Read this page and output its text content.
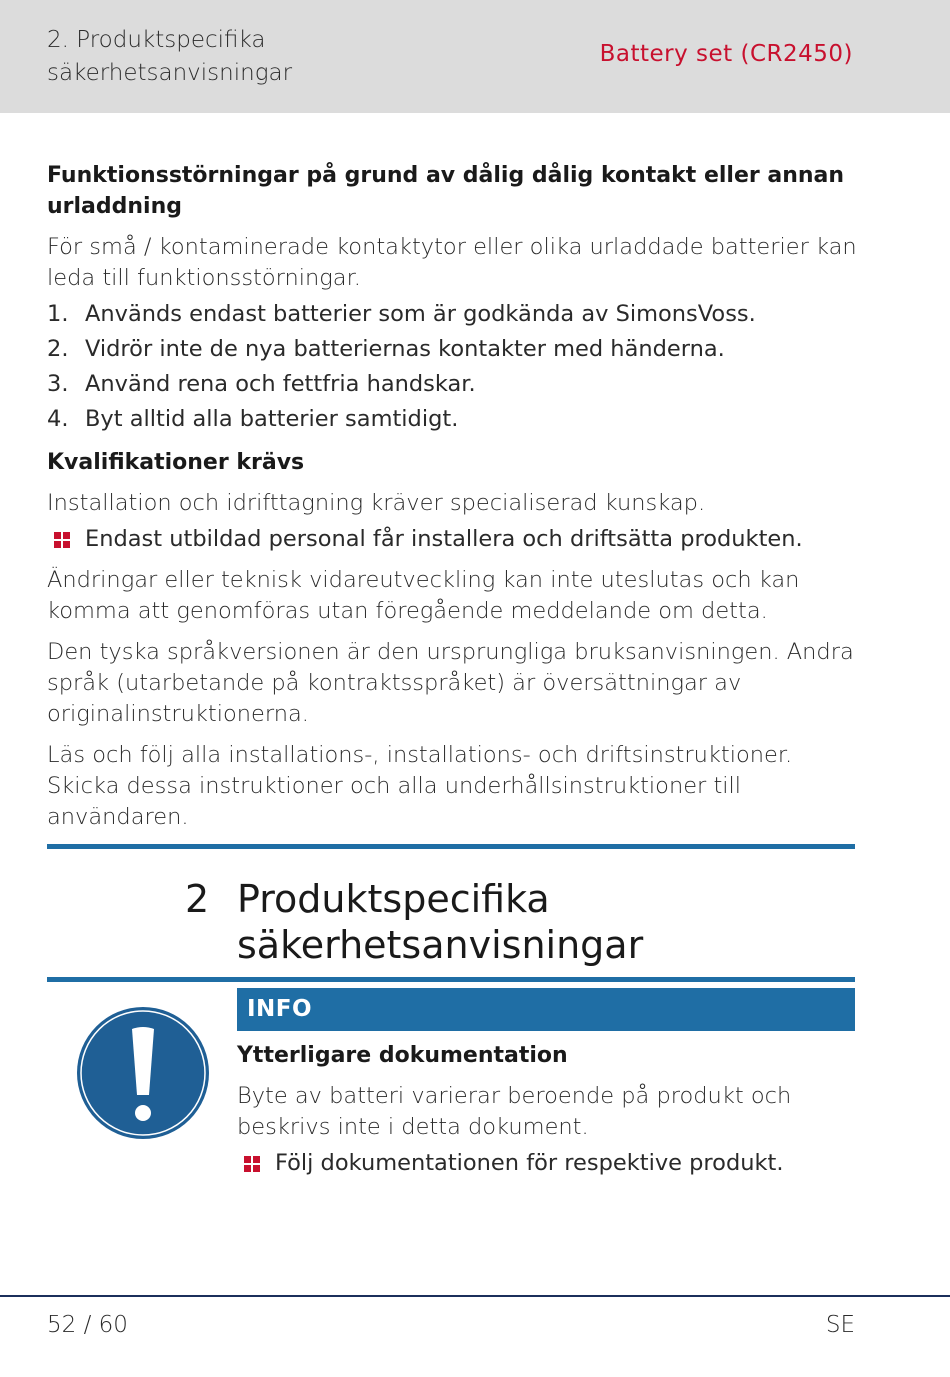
2. Produktspecifika
säkerhetsanvisningar
Battery set (CR2450)
Funktionsstörningar på grund av dålig dålig kontakt eller annan urladdning

För små / kontaminerade kontaktytor eller olika urladdade batterier kan leda till funktionsstörningar.

1. Används endast batterier som är godkända av SimonsVoss.
2. Vidrör inte de nya batteriernas kontakter med händerna.
3. Använd rena och fettfria handskar.
4. Byt alltid alla batterier samtidigt.
Kvalifikationer krävs

Installation och idrifttagning kräver specialiserad kunskap.

Endast utbildad personal får installera och driftsätta produkten.

Ändringar eller teknisk vidareutveckling kan inte uteslutas och kan komma att genomföras utan föregående meddelande om detta.

Den tyska språkversionen är den ursprungliga bruksanvisningen. Andra språk (utarbetande på kontraktsspråket) är översättningar av originalinstruktionerna.

Läs och följ alla installations-, installations- och driftsinstruktioner. Skicka dessa instruktioner och alla underhållsinstruktioner till användaren.

2 Produktspecifika
säkerhetsanvisningar
INFO
Ytterligare dokumentation

Byte av batteri varierar beroende på produkt och beskrivs inte i detta dokument.

Följ dokumentationen för respektive produkt.
52 / 60	SE
